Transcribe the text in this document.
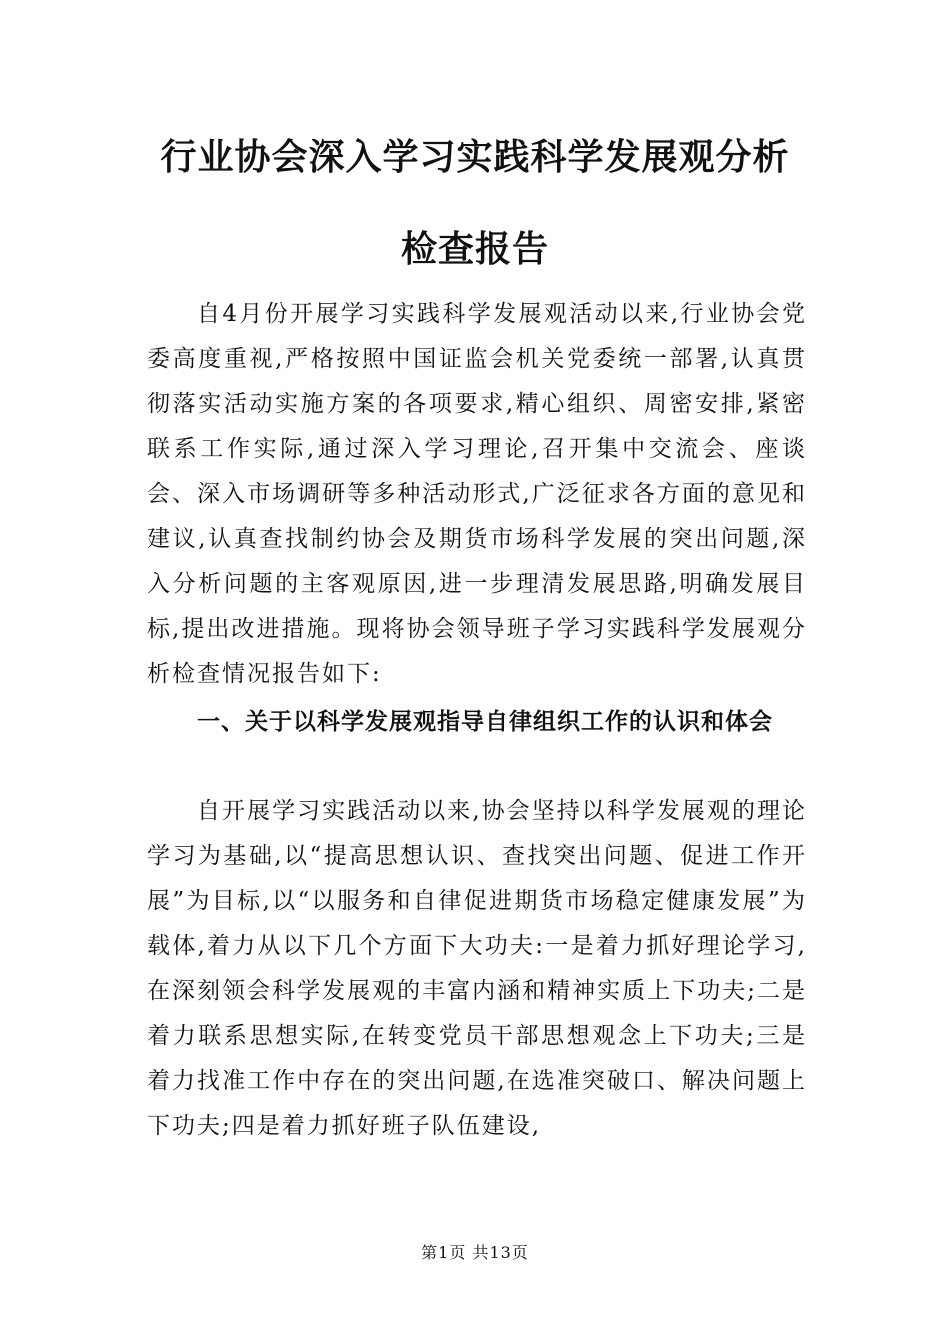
行业协会深入学习实践科学发展观分析
检查报告

自4月份开展学习实践科学发展观活动以来,行业协会党委高度重视,严格按照中国证监会机关党委统一部署,认真贯彻落实活动实施方案的各项要求,精心组织、周密安排,紧密联系工作实际,通过深入学习理论,召开集中交流会、座谈会、深入市场调研等多种活动形式,广泛征求各方面的意见和建议,认真查找制约协会及期货市场科学发展的突出问题,深入分析问题的主客观原因,进一步理清发展思路,明确发展目标,提出改进措施。现将协会领导班子学习实践科学发展观分析检查情况报告如下:

一、关于以科学发展观指导自律组织工作的认识和体会

自开展学习实践活动以来,协会坚持以科学发展观的理论学习为基础,以“提高思想认识、查找突出问题、促进工作开展”为目标,以“以服务和自律促进期货市场稳定健康发展”为载体,着力从以下几个方面下大功夫:一是着力抓好理论学习,在深刻领会科学发展观的丰富内涵和精神实质上下功夫;二是着力联系思想实际,在转变党员干部思想观念上下功夫;三是着力找准工作中存在的突出问题,在选准突破口、解决问题上下功夫;四是着力抓好班子队伍建设,

第1页 共13页
